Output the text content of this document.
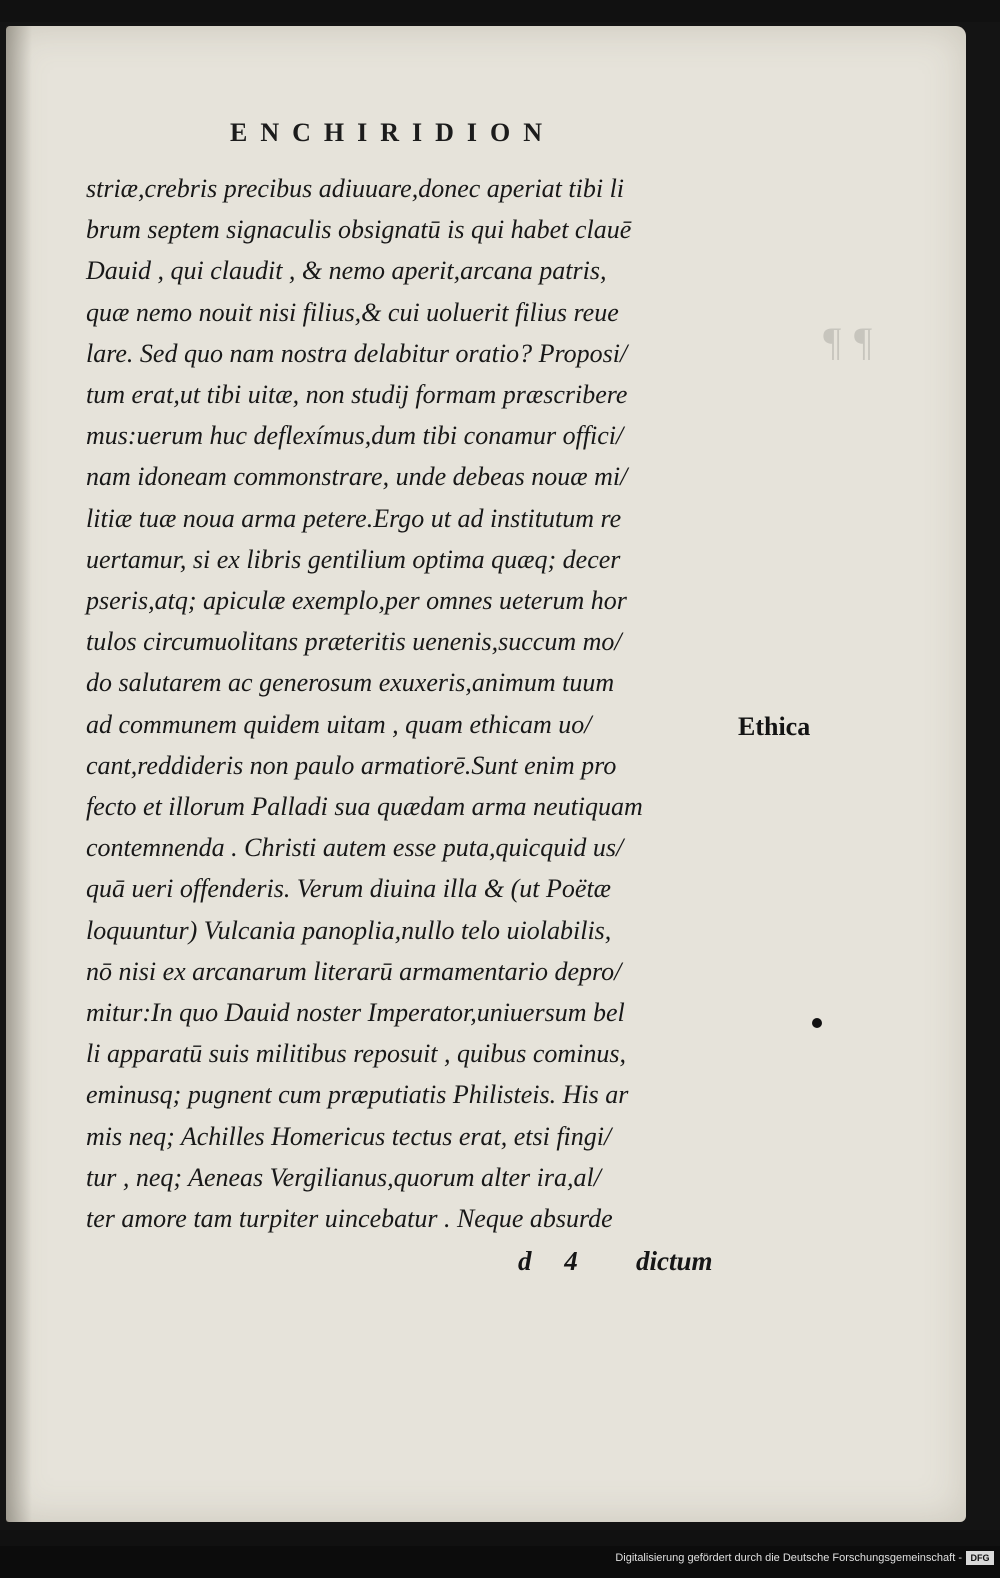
¶ ¶
ENCHIRIDION
striæ,crebris precibus adiuuare,donec aperiat tibi li
brum septem signaculis obsignatū is qui habet clauē
Dauid , qui claudit , & nemo aperit,arcana patris,
quæ nemo nouit nisi filius,& cui uoluerit filius reue
lare. Sed quo nam nostra delabitur oratio? Proposi/
tum erat,ut tibi uitæ, non studij formam præscribere
mus:uerum huc deflexímus,dum tibi conamur offici/
nam idoneam commonstrare, unde debeas nouæ mi/
litiæ tuæ noua arma petere.Ergo ut ad institutum re
uertamur, si ex libris gentilium optima quæq; decer
pseris,atq; apiculæ exemplo,per omnes ueterum hor
tulos circumuolitans præteritis uenenis,succum mo/
do salutarem ac generosum exuxeris,animum tuum
ad communem quidem uitam , quam ethicam uo/
cant,reddideris non paulo armatiorē.Sunt enim pro
fecto et illorum Palladi sua quædam arma neutiquam
contemnenda . Christi autem esse puta,quicquid us/
quā ueri offenderis. Verum diuina illa & (ut Poëtæ
loquuntur) Vulcania panoplia,nullo telo uiolabilis,
nō nisi ex arcanarum literarū armamentario depro/
mitur:In quo Dauid noster Imperator,uniuersum bel
li apparatū suis militibus reposuit , quibus cominus,
eminusq; pugnent cum præputiatis Philisteis. His ar
mis neq; Achilles Homericus tectus erat, etsi fingi/
tur , neq; Aeneas Vergilianus,quorum alter ira,al/
ter amore tam turpiter uincebatur . Neque absurde
Ethica
d 4 dictum
Digitalisierung gefördert durch die Deutsche Forschungsgemeinschaft - DFG
